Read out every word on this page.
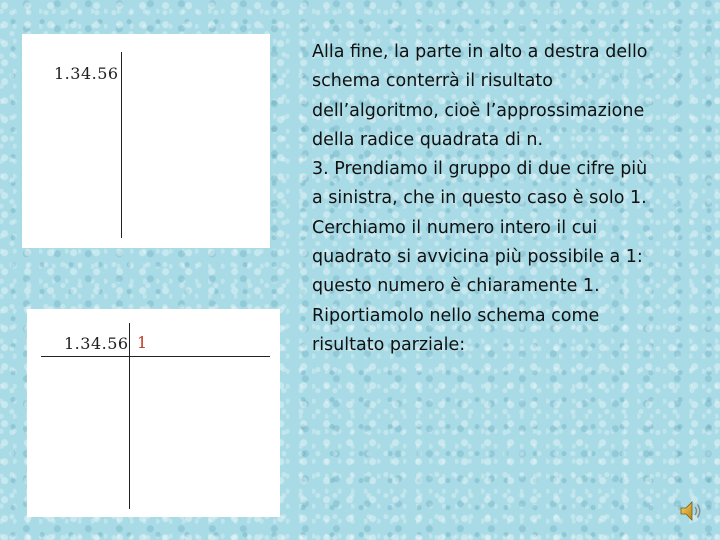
1.34.56
1.34.56 1

Alla fine, la parte in alto a destra dello schema conterrà il risultato dell’algoritmo, cioè l’approssimazione della radice quadrata di n.

3. Prendiamo il gruppo di due cifre più a sinistra, che in questo caso è solo 1. Cerchiamo il numero intero il cui quadrato si avvicina più possibile a 1: questo numero è chiaramente 1. Riportiamolo nello schema come risultato parziale:
